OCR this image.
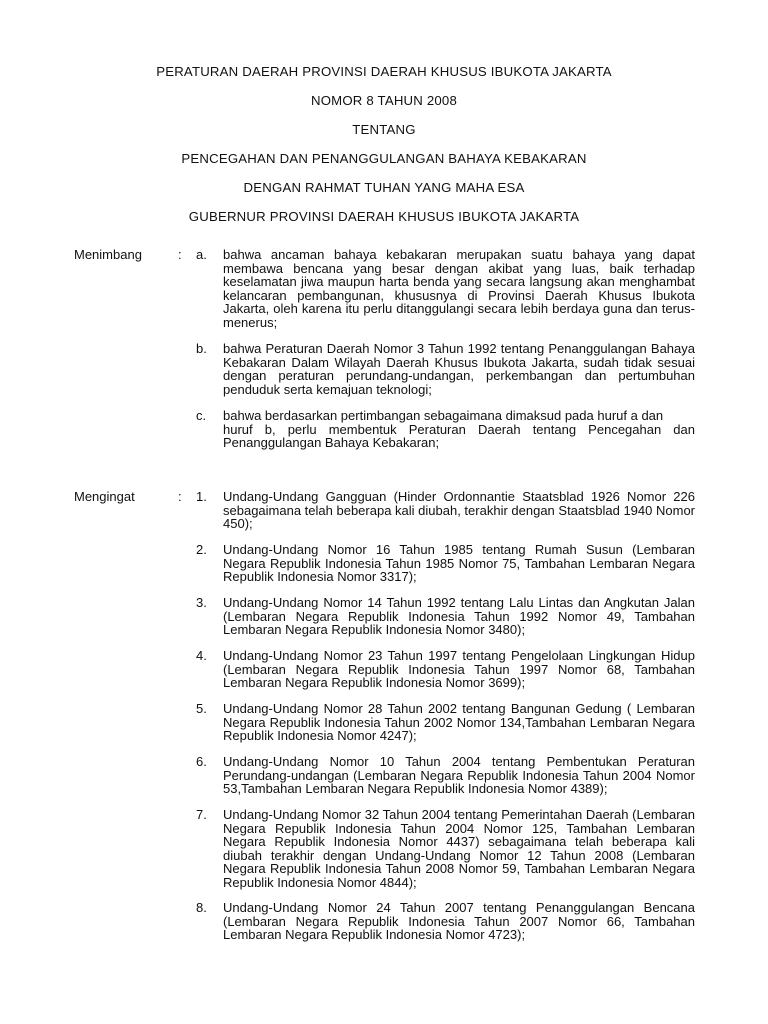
PERATURAN DAERAH PROVINSI DAERAH KHUSUS IBUKOTA JAKARTA
NOMOR 8 TAHUN 2008
TENTANG
PENCEGAHAN DAN PENANGGULANGAN BAHAYA KEBAKARAN
DENGAN RAHMAT TUHAN YANG MAHA ESA
GUBERNUR PROVINSI DAERAH KHUSUS IBUKOTA JAKARTA
Menimbang	: a. bahwa ancaman bahaya kebakaran merupakan suatu bahaya yang dapat membawa bencana yang besar dengan akibat yang luas, baik terhadap keselamatan jiwa maupun harta benda yang secara langsung akan menghambat kelancaran pembangunan, khususnya di Provinsi Daerah Khusus Ibukota Jakarta, oleh karena itu perlu ditanggulangi secara lebih berdaya guna dan terus-menerus;
b. bahwa Peraturan Daerah Nomor 3 Tahun 1992 tentang Penanggulangan Bahaya Kebakaran Dalam Wilayah Daerah Khusus Ibukota Jakarta, sudah tidak sesuai dengan peraturan perundang-undangan, perkembangan dan pertumbuhan penduduk serta kemajuan teknologi;
c. bahwa berdasarkan pertimbangan sebagaimana dimaksud pada huruf a dan
huruf b, perlu membentuk Peraturan Daerah tentang Pencegahan dan Penanggulangan Bahaya Kebakaran;
Mengingat	: 1. Undang-Undang Gangguan (Hinder Ordonnantie Staatsblad 1926 Nomor 226 sebagaimana telah beberapa kali diubah, terakhir dengan Staatsblad 1940 Nomor 450);
2. Undang-Undang Nomor 16 Tahun 1985 tentang Rumah Susun (Lembaran Negara Republik Indonesia Tahun 1985 Nomor 75, Tambahan Lembaran Negara Republik Indonesia Nomor 3317);
3. Undang-Undang Nomor 14 Tahun 1992 tentang Lalu Lintas dan Angkutan Jalan (Lembaran Negara Republik Indonesia Tahun 1992 Nomor 49, Tambahan Lembaran Negara Republik Indonesia Nomor 3480);
4. Undang-Undang Nomor 23 Tahun 1997 tentang Pengelolaan Lingkungan Hidup (Lembaran Negara Republik Indonesia Tahun 1997 Nomor 68, Tambahan Lembaran Negara Republik Indonesia Nomor 3699);
5. Undang-Undang Nomor 28 Tahun 2002 tentang Bangunan Gedung ( Lembaran Negara Republik Indonesia Tahun 2002 Nomor 134,Tambahan Lembaran Negara Republik Indonesia Nomor 4247);
6. Undang-Undang Nomor 10 Tahun 2004 tentang Pembentukan Peraturan Perundang-undangan (Lembaran Negara Republik Indonesia Tahun 2004 Nomor 53,Tambahan Lembaran Negara Republik Indonesia Nomor 4389);
7. Undang-Undang Nomor 32 Tahun 2004 tentang Pemerintahan Daerah (Lembaran Negara Republik Indonesia Tahun 2004 Nomor 125, Tambahan Lembaran Negara Republik Indonesia Nomor 4437) sebagaimana telah beberapa kali diubah terakhir dengan Undang-Undang Nomor 12 Tahun 2008 (Lembaran Negara Republik Indonesia Tahun 2008 Nomor 59, Tambahan Lembaran Negara Republik Indonesia Nomor 4844);
8. Undang-Undang Nomor 24 Tahun 2007 tentang Penanggulangan Bencana (Lembaran Negara Republik Indonesia Tahun 2007 Nomor 66, Tambahan Lembaran Negara Republik Indonesia Nomor 4723);
